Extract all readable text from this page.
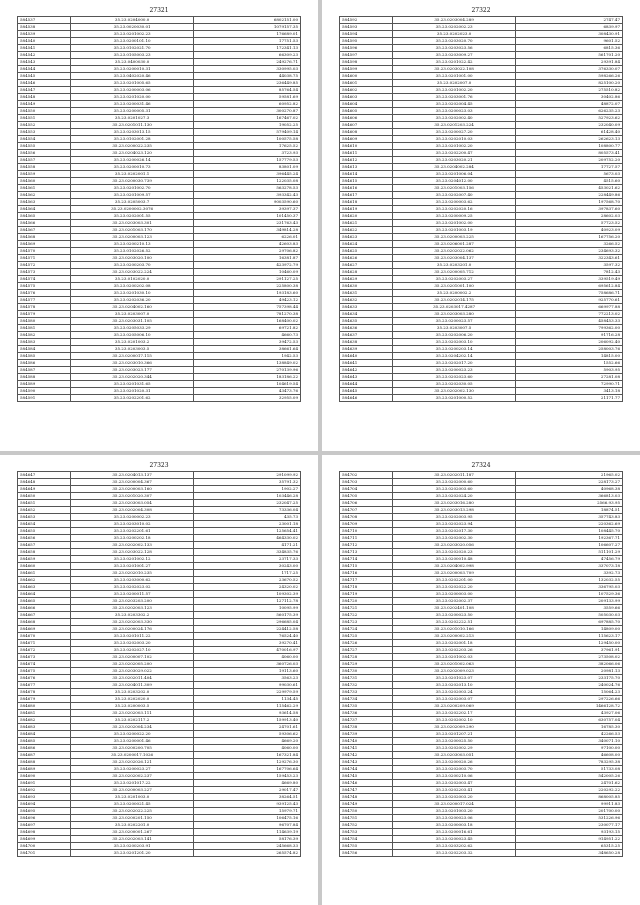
27321
584537	35.23.0204000.0	6802151.00
584538	35.23.0020030.01	1079157.35
584539	35.23.0201002.23	176689.01
584540	35.23.0200101.10	17751.53
584541	35.23.0102021.70	172341.13
584542	35.23.0105003.23	66309.23
584543	35.23.0400030.0	249276.71
584544	35.23.0200010.31	330995.03
584545	35.23.0402020.46	44038.75
584546	35.23.0201005.65	236449.85
584547	35.23.0200003.06	85764.54
584548	35.23.0201020.00	59581.69
584549	35.23.0200031.46	60952.82
584550	35.23.0200005.31	300270.87
584551	35.23.0201027.3	167467.02
584552	35.23.0201011.130	19052.25
584553	35.23.0203013.15	579409.14
584554	35.23.0102001.28	100575.58
584555	35.23.0200022.235	17625.52
584556	35.23.0204023.120	3723.93
584557	35.23.0200026.14	157779.53
584558	35.23.0200010.73	83801.09
584559	35.23.0202001.1	396445.24
584560	35.23.0200030.739	122035.08
584561	35.23.0201002.70	563278.53
584562	35.23.0201009.57	393342.43
584563	35.23.0205003.7	9003590.60
584564	35.23.0200002.3076	39397.37
584565	35.23.0202001.55	101450.37
584566	35.23.0203003.301	231763.43
584567	35.23.0201003.170	349814.28
584568	35.23.0200003.123	6226.01
584569	35.23.0200210.13	42603.83
584570	35.23.0102026.52	29706.82
584571	35.23.0203020.100	16381.87
584572	35.23.0200203.70	423972.79
584573	35.23.0203022.224	10460.09
584574	35.23.0102020.0	291127.25
584575	35.23.0200202.08	225800.38
584576	35.23.0201030.10	193183.60
584577	35.23.0202036.20	49423.12
584578	35.23.0204002.160	757398.44
584579	35.23.0203007.0	781270.38
584580	35.23.0203031.105	168400.02
584581	35.23.0205033.29	69721.82
584582	35.23.0205006.10	4660.73
584583	35.23.0201003.2	39472.53
584584	35.23.0203003.5	38661.64
584585	35.23.0200017.115	1942.53
584586	35.23.0203010.366	138849.02
584587	35.23.0203023.177	270139.96
584588	35.23.0202020.344	183186.22
584589	35.23.0201031.65	104619.54
584590	35.23.0201020.31	43473.76
584591	35.23.0202201.62	32955.09
27322
584592	35.23.0203004.289	2747.47
584593	35.23.0202002.23	6839.97
584594	35.23.0202023.0	308430.91
584595	35.23.0203020.70	9601.52
584596	35.23.0203023.56	6815.36
584597	35.23.0203009.27	561701.20
584598	35.23.0201022.42	29391.84
584599	35.23.0203022.108	376330.07
584600	35.23.0201001.00	598266.26
584601	35.23.0202007.0	825100.20
584602	35.23.0201002.20	275510.82
584603	35.23.0203001.76	30402.86
584604	35.23.0202004.45	48872.07
584605	35.23.0200023.03	626235.23
584606	35.23.0202002.40	527923.62
584607	35.23.0201203.224	232040.09
584608	35.23.0200027.20	61428.40
584609	35.23.0202010.03	262623.13
584610	35.23.0201002.20	108800.77
584611	35.23.0202200.47	805573.41
584612	35.23.0203020.21	209752.20
584613	35.23.0204002.284	17727.57
584614	35.23.0201006.04	5673.03
584615	35.23.0204012.00	4515.60
584616	35.23.0201003.156	453021.62
584617	35.23.0202007.40	228449.86
584618	35.23.0200003.62	197568.70
584619	35.23.0202020.16	397837.60
584620	35.23.0200009.25	28602.03
584621	35.23.0201002.00	57723.52
584622	35.23.0201003.19	40923.09
584623	35.23.0200003.225	167756.20
584624	35.23.0206001.287	3266.52
584625	35.23.0202022.062	234693.32
584626	35.23.0203004.137	322343.61
584627	35.23.0203201.0	3597.32
584628	35.23.0200005.712	7812.43
584629	35.23.0202003.27	339519.49
584630	35.23.0201001.100	695612.84
584631	35.23.0200002.2	758686.71
584632	35.23.0202014.175	925770.61
584633	35.23.0203017.4287	669977.88
584634	35.23.0203003.280	772213.02
584635	35.23.0200023.57	458453.33
584636	35.23.0203007.5	799362.00
584637	35.23.0202006.20	91716.28
584638	35.23.0202003.10	206092.40
584639	35.23.0200203.14	258003.76
584640	35.23.0204202.14	14815.00
584641	35.23.0202017.20	1552.66
584642	35.23.0200023.23	5903.95
584643	35.23.0202023.60	27281.08
584644	35.23.0202030.05	72990.71
584645	35.23.0202002.130	3413.18
584646	35.23.0201000.52	21171.77
27323
584647	35.23.0204013.137	291099.92
584648	35.23.0200004.367	35791.32
584649	35.23.0200003.160	1902.27
584650	35.23.0201020.307	103446.28
584651	35.23.0203003.054	232047.25
584652	35.23.0202004.308	73336.04
584653	35.23.0200002.23	435.73
584654	35.23.0203010.02	23001.18
584655	35.23.0202201.61	125654.41
584656	35.23.0200202.18	464330.02
584657	35.23.0202002.133	4171.21
584658	35.23.0203022.128	334835.76
584659	35.23.0201002.12	23717.33
584660	35.23.0201001.27	30243.00
584661	35.23.0202010.235	1717.25
584662	35.23.0203000.62	23670.52
584663	35.23.0202023.02	24320.02
584664	35.23.0200011.57	109302.39
584665	35.23.0203203.200	127112.78
584666	35.23.0202003.123	10095.99
584667	35.23.0203302.2	560175.39
584668	35.23.0202003.330	296685.04
584669	35.23.0200024.176	224412.58
584670	35.23.0201011.22	76524.40
584671	35.23.0202003.20	39270.41
584672	35.23.0202027.10	470016.97
584673	35.23.0200007.102	4060.00
584674	35.23.0202005.200	360726.03
584675	35.23.0203029.022	19113.60
584676	35.23.0202011.404	3563.23
584677	35.23.0204011.309	99030.61
584678	35.23.0203202.0	229979.59
584679	35.23.0202020.0	1134.45
584680	35.23.0200003.5	115462.29
584681	35.23.0202003.111	93614.58
584682	35.23.0202117.2	159913.40
584683	35.23.0202004.234	24701.61
584684	35.23.0200022.20	59306.62
584685	35.23.0200001.46	4669.20
584686	35.23.0200200.705	4060.00
584687	35.23.0200017.1026	167321.84
584688	35.23.0202026.121	129276.30
584689	35.23.0200023.27	167706.64
584690	35.23.0202002.237	159453.23
584691	35.23.0201017.22	4669.80
584692	35.23.0200003.227	29017.47
584693	35.23.0201003.0	38264.51
584694	35.23.0200021.45	939125.43
584695	35.23.0202022.225	15979.71
584696	35.23.0200201.150	106475.16
584697	35.23.0202201.0	96707.84
584698	35.23.0200001.267	114639.19
584699	35.23.0202003.141	58176.39
584700	35.23.0200203.91	245668.33
584701	35.23.0201201.20	265574.82
27324
584702	35.23.0202011.187	21965.02
584703	35.23.0202000.60	228173.27
584704	35.23.0202003.60	40968.38
584705	35.23.0202024.20	366813.03
584706	35.23.0203016.280	2566.93.95
584707	35.23.0203013.298	18874.51
584708	35.23.0202003.95	357743.83
584709	35.23.0202023.94	220362.69
584710	35.23.0202017.30	108445.70
584711	35.23.0202002.30	192367.71
584712	35.23.0203020.056	106607.27
584713	35.23.0202020.23	511101.29
584714	35.23.0200010.48	47456.79
584715	35.23.0204002.998	337073.18
584716	35.23.0200003.709	3392.73
584717	35.23.0202201.00	132032.55
584718	35.23.0202022.20	336795.03
584719	35.23.0200003.00	107529.36
584720	35.23.0202002.37	209133.99
584721	35.23.0202401.108	3559.66
584722	35.23.0200023.50	505030.03
584723	35.23.0202222.51	697885.70
584724	35.23.0201010.166	14809.00
584725	35.23.0200002.213	115623.17
584726	35.23.0202001.18	129450.00
584727	35.23.0202203.26	37961.91
584728	35.23.0201002.03	273508.02
584729	35.23.0201002.063	382066.06
584730	35.23.0202009.023	20981.13
584731	35.23.0201023.07	233175.70
584732	35.23.0202013.10	240024.76
584733	35.23.0202003.24	15064.23
584734	35.23.0202003.07	297226.66
584735	35.23.0200209.069	1466128.72
584736	35.23.0202202.17	43927.06
584737	35.23.0202002.10	630757.04
584738	35.23.0202009.290	16785.30
584739	35.23.0201207.21	42266.53
584740	35.23.0200025.50	340071.10
584741	35.23.0202002.29	97100.00
584742	35.23.0203003.051	46608.00
584743	35.23.0200020.26	783295.38
584744	35.23.0202003.70	51733.08
584745	35.23.0200210.06	542005.26
584746	35.23.0202003.47	24701.62
584747	35.23.0202203.41	220292.22
584748	35.23.0202003.20	868005.85
584749	35.23.0200017.024	99911.83
584750	35.23.0201003.20	201700.00
584751	35.23.0200023.06	531226.96
584752	35.23.0200003.18	230077.17
584753	35.23.0200016.61	93193.15
584754	35.23.0200023.45	914951.22
584755	35.23.0203202.62	65315.25
584756	35.23.0202203.32	348650.28
